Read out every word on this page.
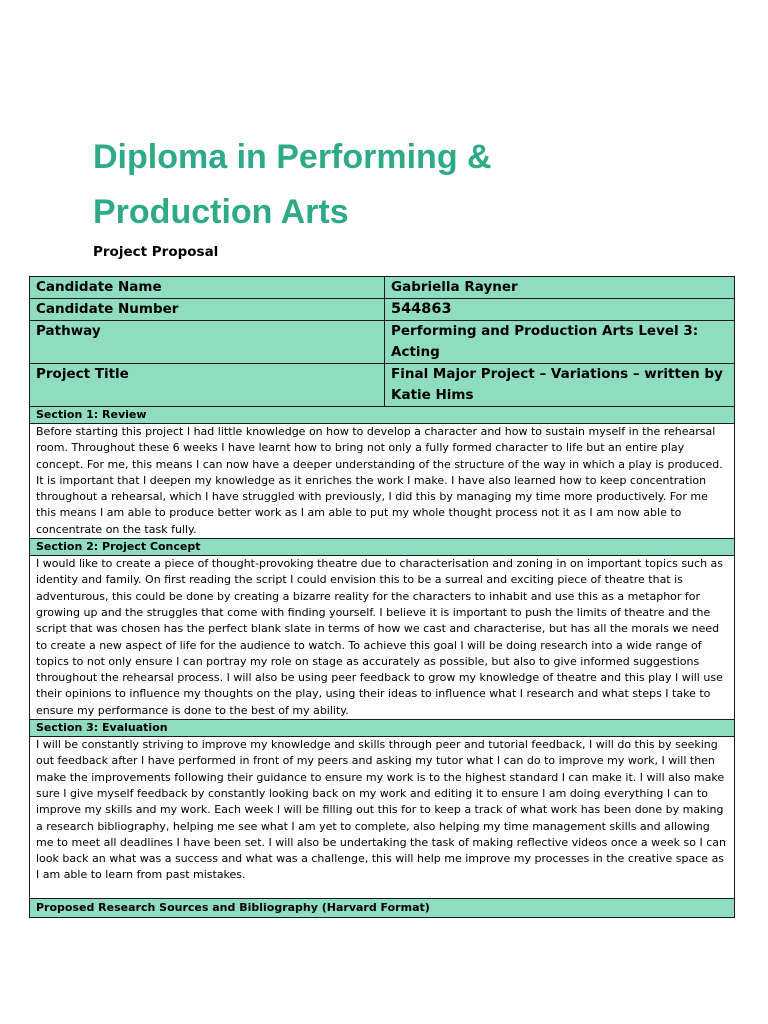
Diploma in Performing &
Production Arts
Project Proposal
Candidate Name	Gabriella Rayner
Candidate Number	544863
Pathway	Performing and Production Arts Level 3: Acting
Project Title	Final Major Project – Variations – written by Katie Hims
Section 1: Review	
Before starting this project I had little knowledge on how to develop a character and how to sustain myself in the rehearsal room. Throughout these 6 weeks I have learnt how to bring not only a fully formed character to life but an entire play concept. For me, this means I can now have a deeper understanding of the structure of the way in which a play is produced. It is important that I deepen my knowledge as it enriches the work I make. I have also learned how to keep concentration throughout a rehearsal, which I have struggled with previously, I did this by managing my time more productively. For me this means I am able to produce better work as I am able to put my whole thought process not it as I am now able to concentrate on the task fully.	
Section 2: Project Concept	
I would like to create a piece of thought-provoking theatre due to characterisation and zoning in on important topics such as identity and family. On first reading the script I could envision this to be a surreal and exciting piece of theatre that is adventurous, this could be done by creating a bizarre reality for the characters to inhabit and use this as a metaphor for growing up and the struggles that come with finding yourself. I believe it is important to push the limits of theatre and the script that was chosen has the perfect blank slate in terms of how we cast and characterise, but has all the morals we need to create a new aspect of life for the audience to watch. To achieve this goal I will be doing research into a wide range of topics to not only ensure I can portray my role on stage as accurately as possible, but also to give informed suggestions throughout the rehearsal process. I will also be using peer feedback to grow my knowledge of theatre and this play I will use their opinions to influence my thoughts on the play, using their ideas to influence what I research and what steps I take to ensure my performance is done to the best of my ability.	
Section 3: Evaluation	
I will be constantly striving to improve my knowledge and skills through peer and tutorial feedback, I will do this by seeking out feedback after I have performed in front of my peers and asking my tutor what I can do to improve my work, I will then make the improvements following their guidance to ensure my work is to the highest standard I can make it. I will also make sure I give myself feedback by constantly looking back on my work and editing it to ensure I am doing everything I can to improve my skills and my work. Each week I will be filling out this for to keep a track of what work has been done by making a research bibliography, helping me see what I am yet to complete, also helping my time management skills and allowing me to meet all deadlines I have been set. I will also be undertaking the task of making reflective videos once a week so I can look back an what was a success and what was a challenge, this will help me improve my processes in the creative space as I am able to learn from past mistakes.	
Proposed Research Sources and Bibliography (Harvard Format)	
